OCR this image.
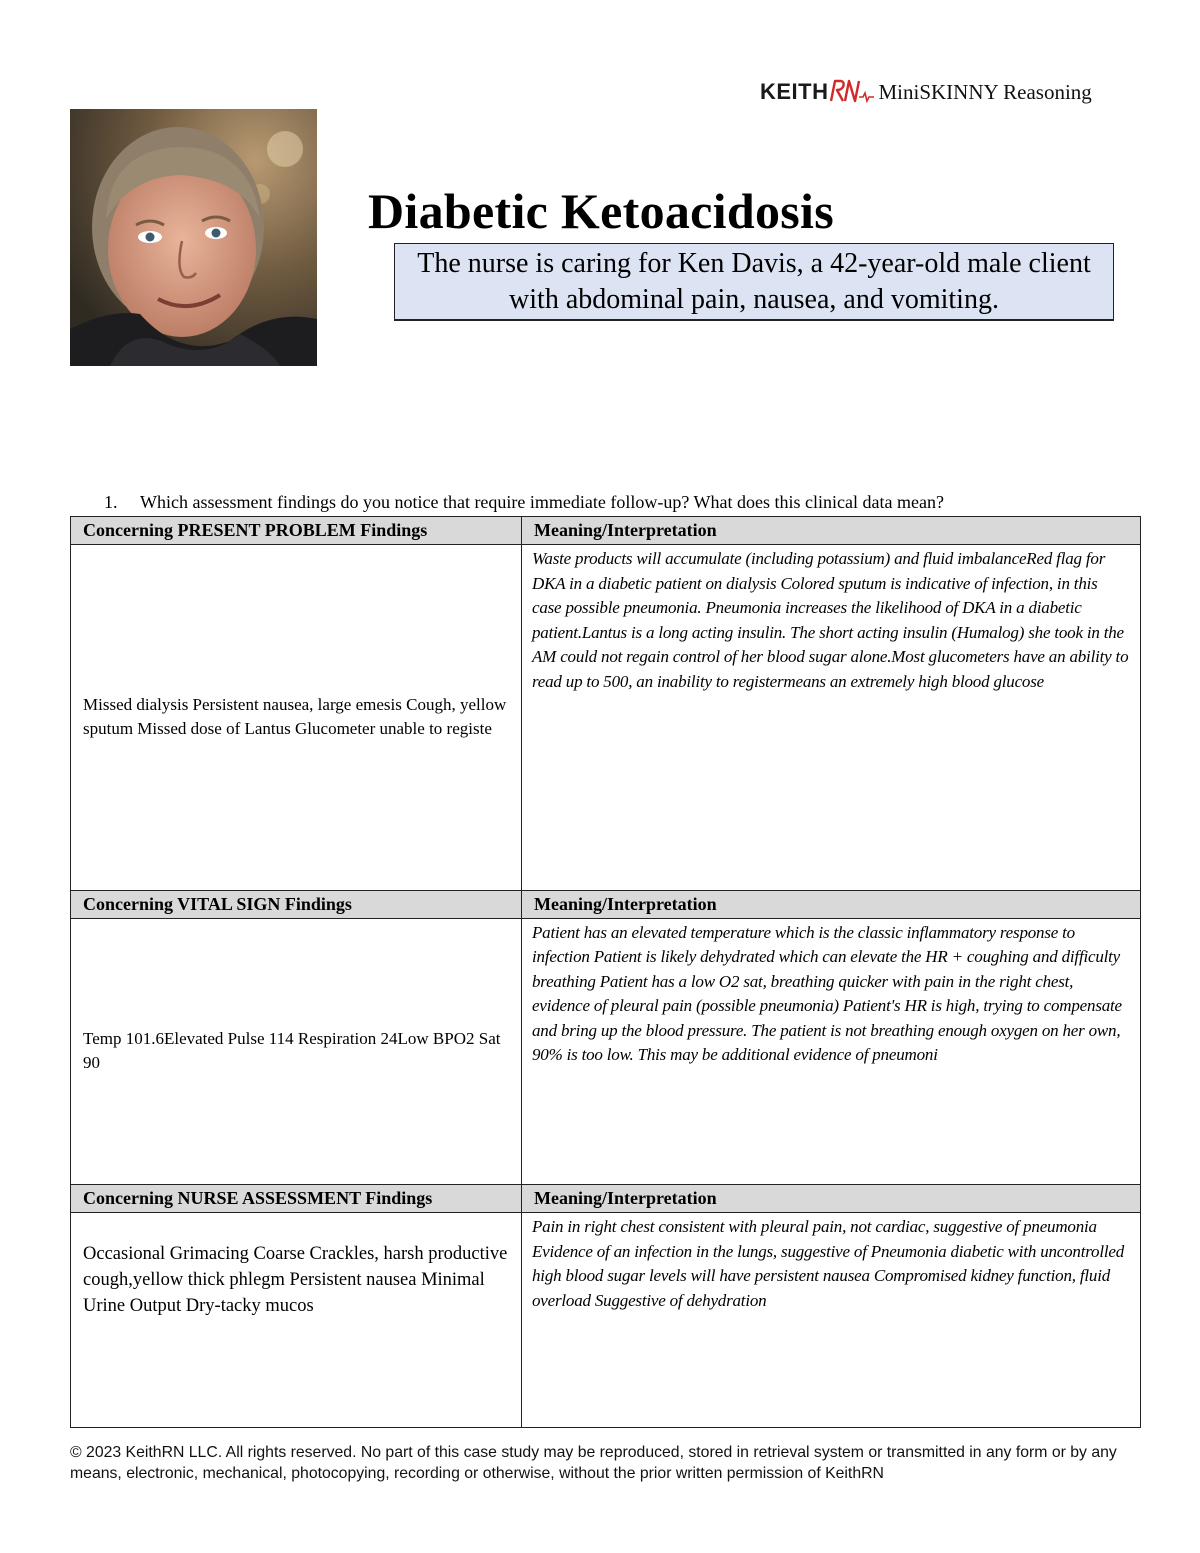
KEITH MiniSKINNY Reasoning
Diabetic Ketoacidosis
The nurse is caring for Ken Davis, a 42-year-old male client with abdominal pain, nausea, and vomiting.
1. Which assessment findings do you notice that require immediate follow-up? What does this clinical data mean?
Concerning PRESENT PROBLEM Findings	Meaning/Interpretation
Missed dialysis Persistent nausea, large emesis Cough, yellow sputum Missed dose of Lantus Glucometer unable to registe	Waste products will accumulate (including potassium) and fluid imbalanceRed flag for DKA in a diabetic patient on dialysis Colored sputum is indicative of infection, in this case possible pneumonia. Pneumonia increases the likelihood of DKA in a diabetic patient.Lantus is a long acting insulin. The short acting insulin (Humalog) she took in the AM could not regain control of her blood sugar alone.Most glucometers have an ability to read up to 500, an inability to registermeans an extremely high blood glucose
Concerning VITAL SIGN Findings	Meaning/Interpretation
Temp 101.6Elevated Pulse 114 Respiration 24Low BPO2 Sat 90	Patient has an elevated temperature which is the classic inflammatory response to infection Patient is likely dehydrated which can elevate the HR + coughing and difficulty breathing Patient has a low O2 sat, breathing quicker with pain in the right chest, evidence of pleural pain (possible pneumonia) Patient's HR is high, trying to compensate and bring up the blood pressure. The patient is not breathing enough oxygen on her own, 90% is too low. This may be additional evidence of pneumoni
Concerning NURSE ASSESSMENT Findings	Meaning/Interpretation
Occasional Grimacing Coarse Crackles, harsh productive cough,yellow thick phlegm Persistent nausea Minimal Urine Output Dry-tacky mucos	Pain in right chest consistent with pleural pain, not cardiac, suggestive of pneumonia Evidence of an infection in the lungs, suggestive of Pneumonia diabetic with uncontrolled high blood sugar levels will have persistent nausea Compromised kidney function, fluid overload Suggestive of dehydration
© 2023 KeithRN LLC. All rights reserved. No part of this case study may be reproduced, stored in retrieval system or transmitted in any form or by any means, electronic, mechanical, photocopying, recording or otherwise, without the prior written permission of KeithRN
